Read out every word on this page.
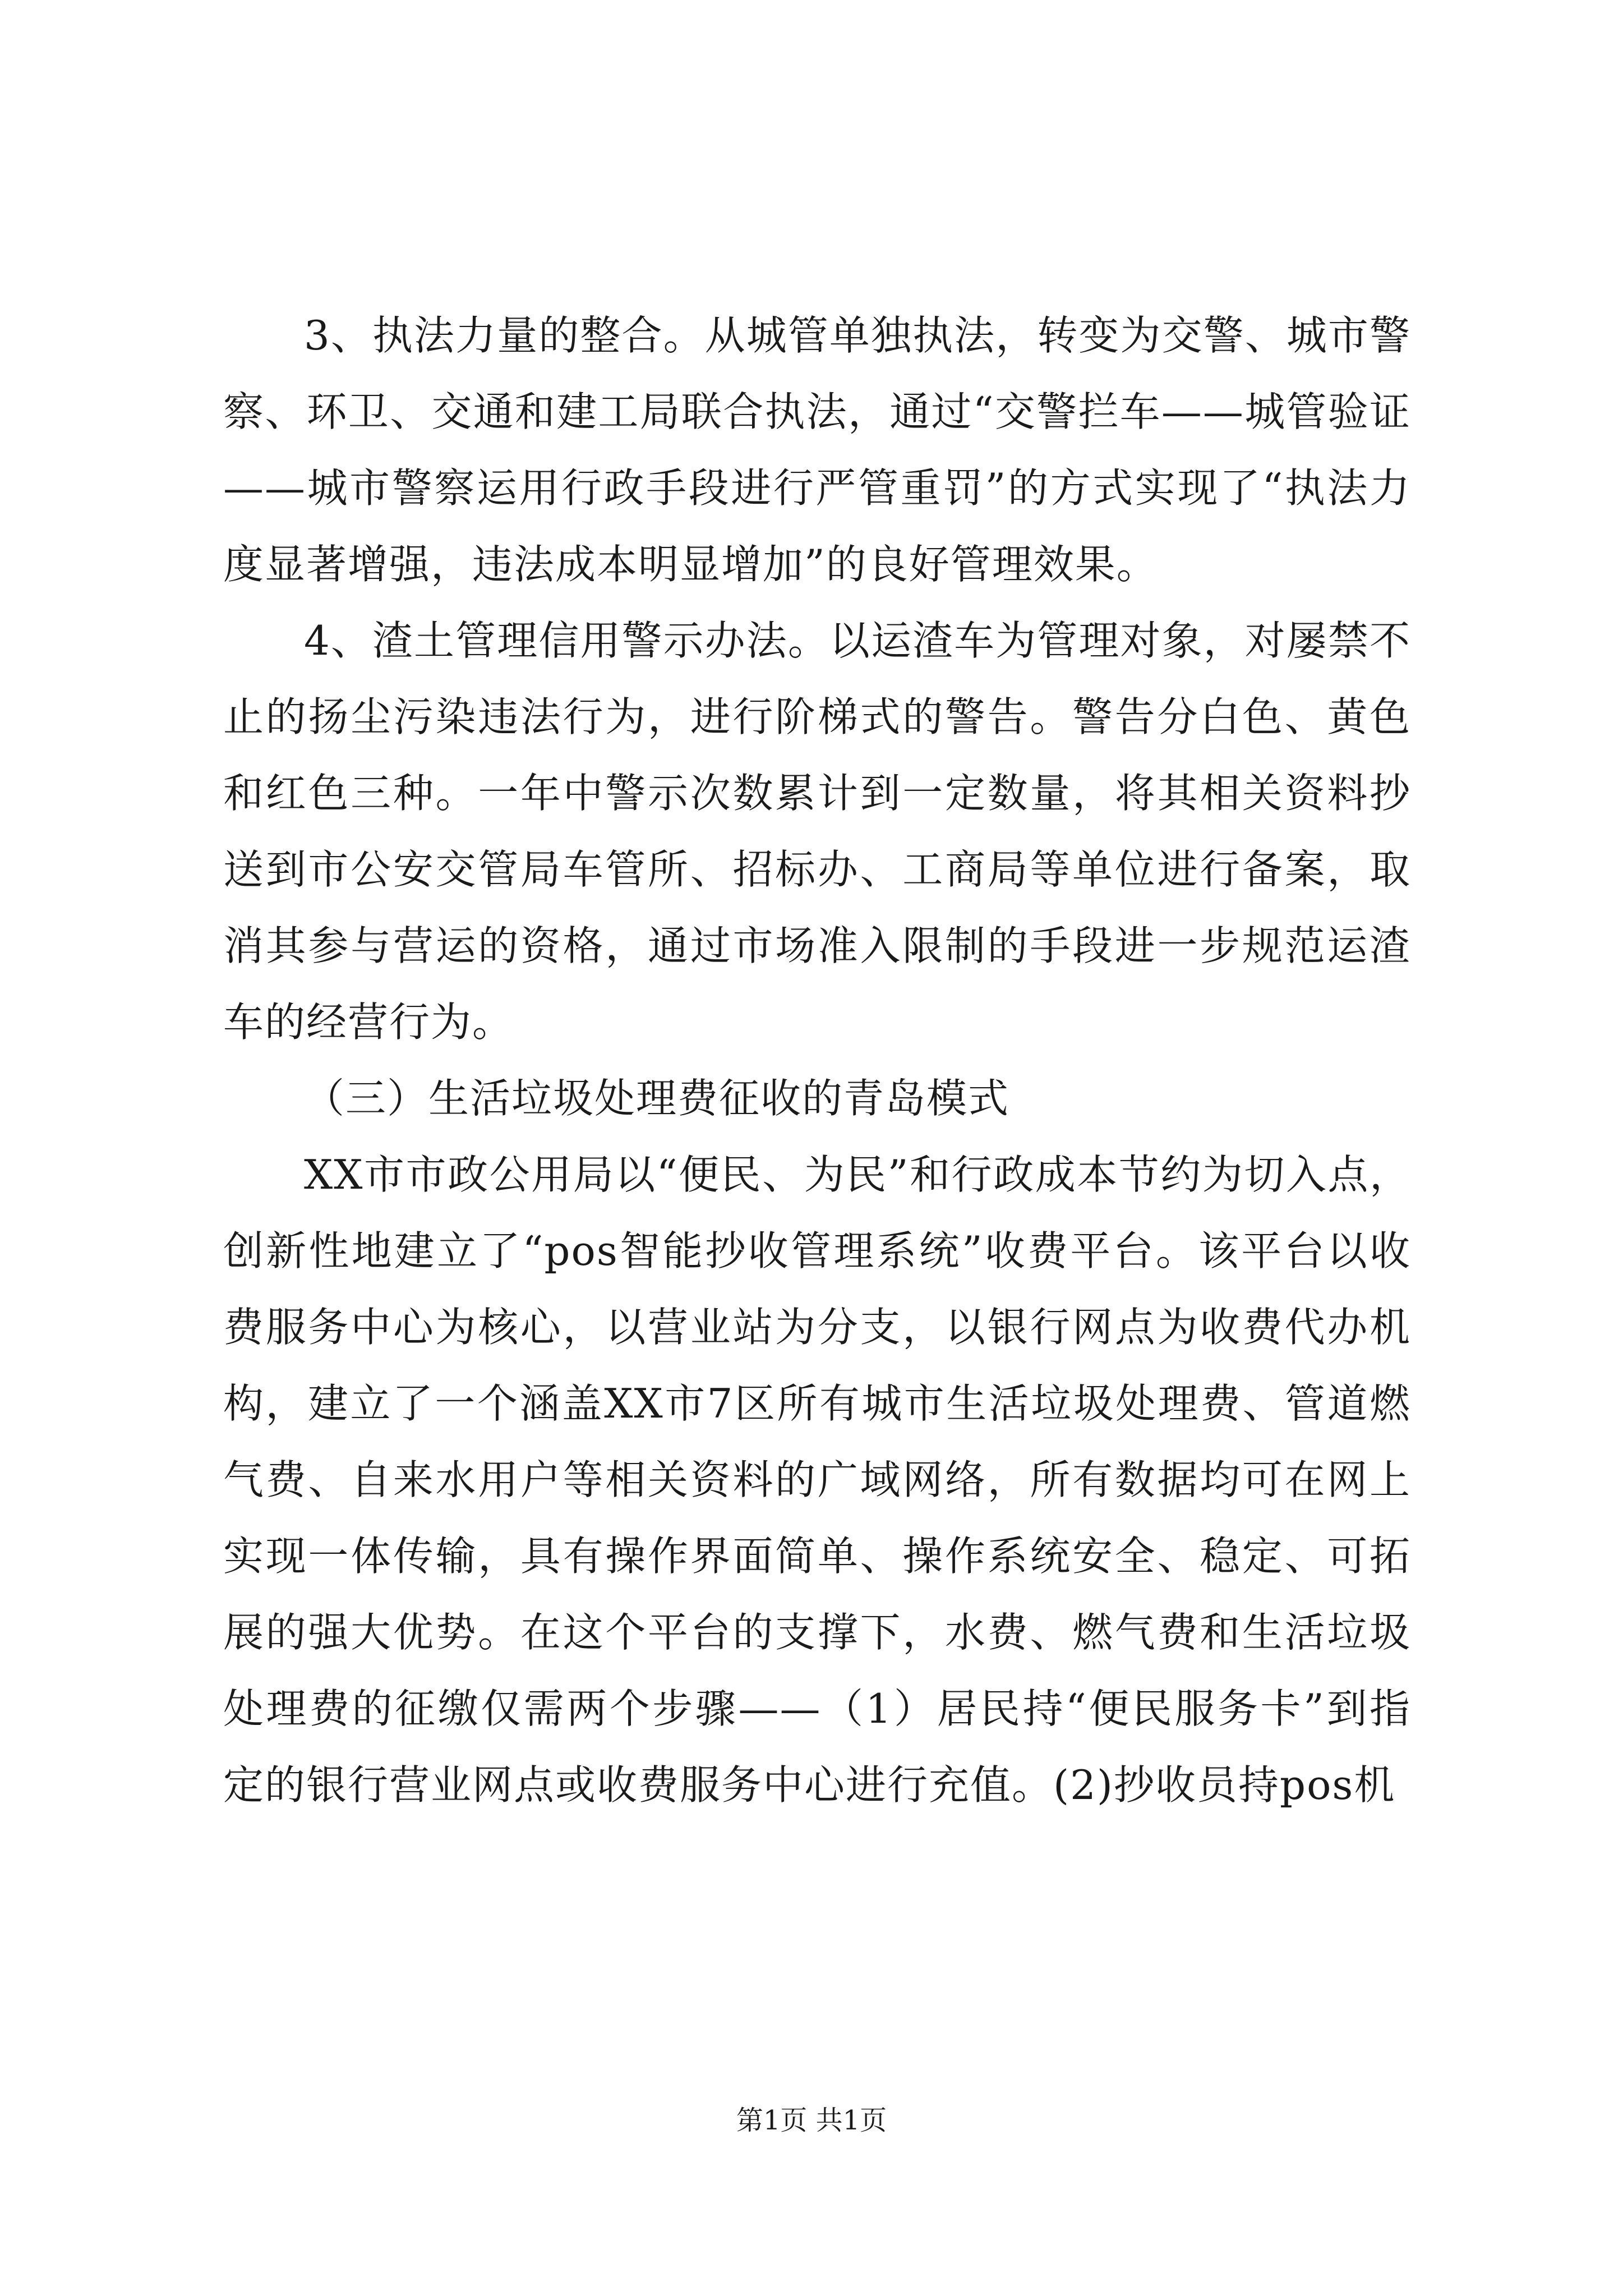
3、执法力量的整合。从城管单独执法，转变为交警、城市警察、环卫、交通和建工局联合执法，通过“交警拦车——城管验证——城市警察运用行政手段进行严管重罚”的方式实现了“执法力度显著增强，违法成本明显增加”的良好管理效果。

4、渣土管理信用警示办法。以运渣车为管理对象，对屡禁不止的扬尘污染违法行为，进行阶梯式的警告。警告分白色、黄色和红色三种。一年中警示次数累计到一定数量，将其相关资料抄送到市公安交管局车管所、招标办、工商局等单位进行备案，取消其参与营运的资格，通过市场准入限制的手段进一步规范运渣车的经营行为。

（三）生活垃圾处理费征收的青岛模式

XX市市政公用局以“便民、为民”和行政成本节约为切入点，创新性地建立了“pos智能抄收管理系统”收费平台。该平台以收费服务中心为核心，以营业站为分支，以银行网点为收费代办机构，建立了一个涵盖XX市7区所有城市生活垃圾处理费、管道燃气费、自来水用户等相关资料的广域网络，所有数据均可在网上实现一体传输，具有操作界面简单、操作系统安全、稳定、可拓展的强大优势。在这个平台的支撑下，水费、燃气费和生活垃圾处理费的征缴仅需两个步骤——（1）居民持“便民服务卡”到指定的银行营业网点或收费服务中心进行充值。(2)抄收员持pos机

第1页 共1页
